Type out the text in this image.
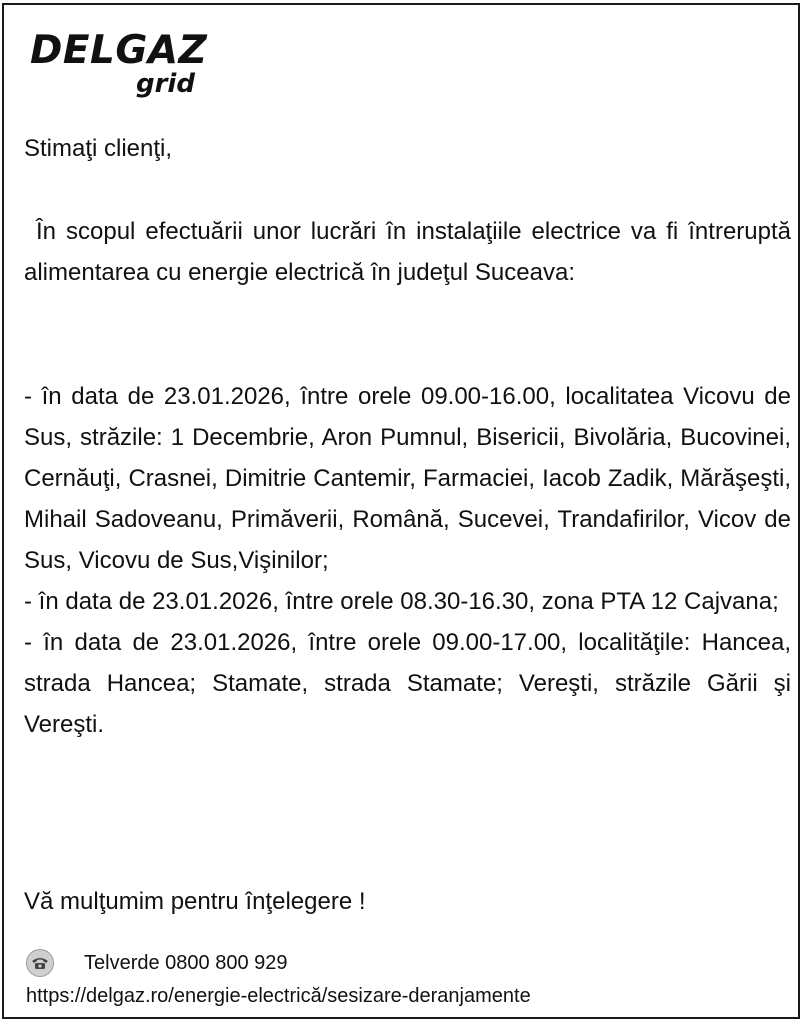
DELGAZ
grid

Stimaţi clienţi,

În scopul efectuării unor lucrări în instalaţiile electrice va fi întreruptă alimentarea cu energie electrică în judeţul Suceava:

- în data de 23.01.2026, între orele 09.00-16.00, localitatea Vicovu de Sus, străzile: 1 Decembrie, Aron Pumnul, Bisericii, Bivolăria, Bucovinei, Cernăuţi, Crasnei, Dimitrie Cantemir, Farmaciei, Iacob Zadik, Mărăşeşti, Mihail Sadoveanu, Primăverii, Română, Sucevei, Trandafirilor, Vicov de Sus, Vicovu de Sus,Vişinilor;

- în data de 23.01.2026, între orele 08.30-16.30, zona PTA 12 Cajvana;

- în data de 23.01.2026, între orele 09.00-17.00, localităţile: Hancea, strada Hancea; Stamate, strada Stamate; Vereşti, străzile Gării şi Vereşti.

Vă mulţumim pentru înţelegere !

Telverde 0800 800 929
https://delgaz.ro/energie-electrică/sesizare-deranjamente
